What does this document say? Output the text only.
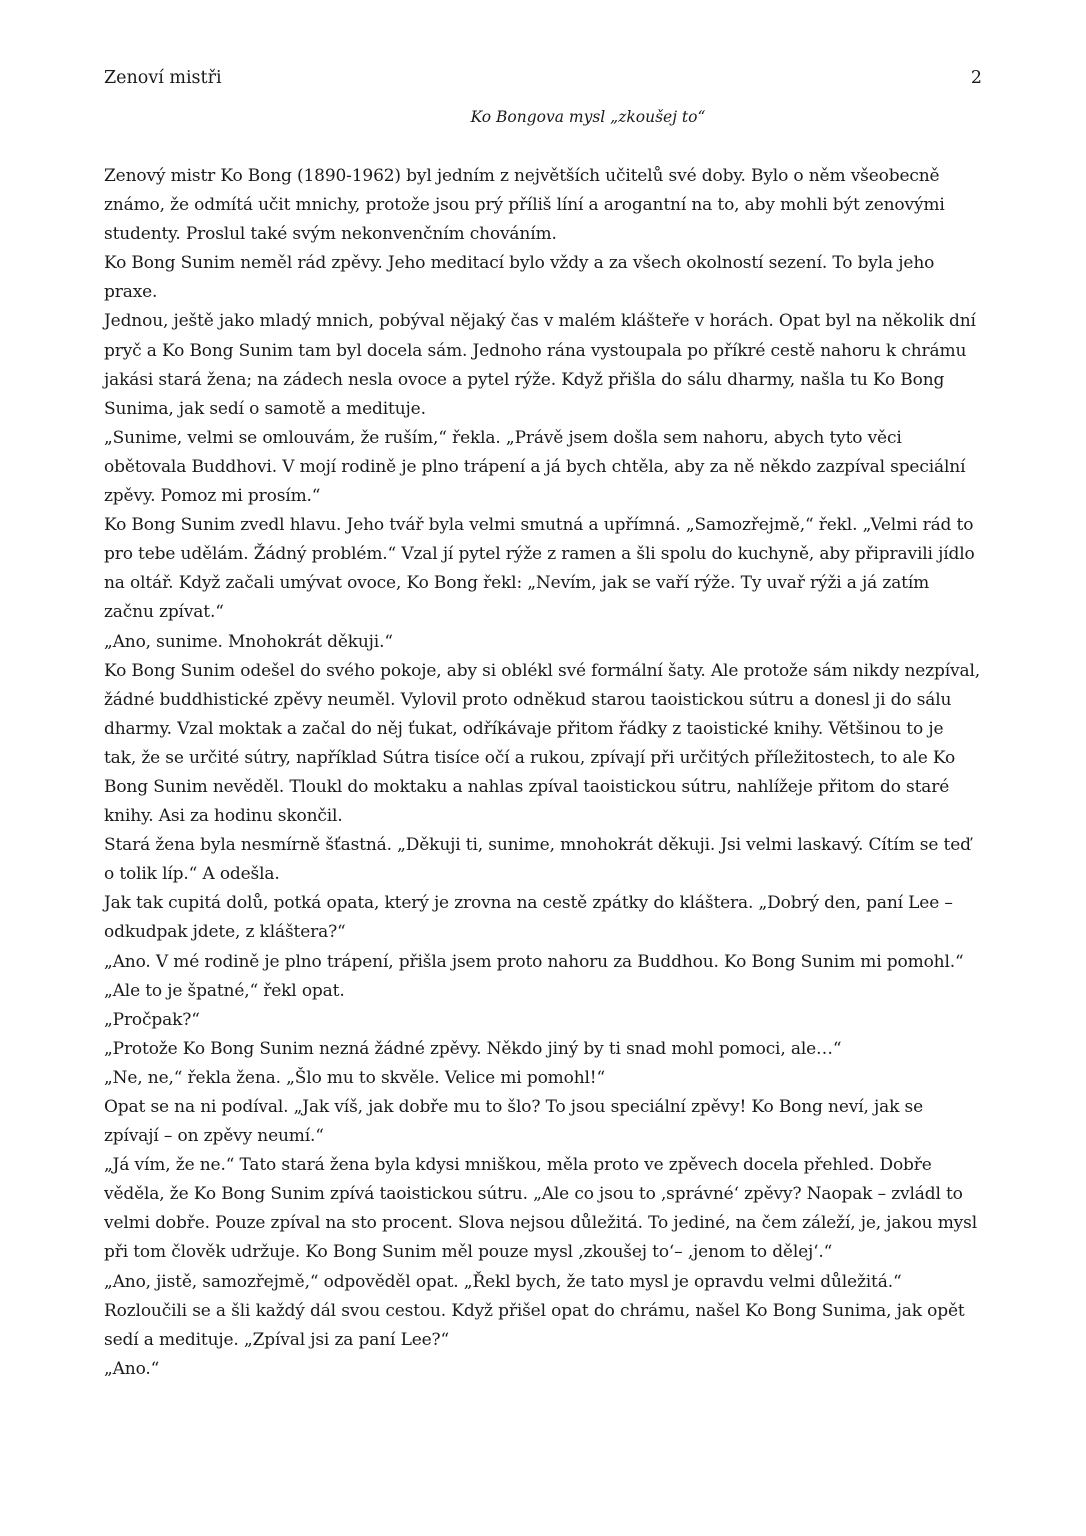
Zenoví mistři	2
Ko Bongova mysl „zkoušej to“

Zenový mistr Ko Bong (1890-1962) byl jedním z největších učitelů své doby. Bylo o něm všeobecně známo, že odmítá učit mnichy, protože jsou prý příliš líní a arogantní na to, aby mohli být zenovými studenty. Proslul také svým nekonvenčním chováním.

Ko Bong Sunim neměl rád zpěvy. Jeho meditací bylo vždy a za všech okolností sezení. To byla jeho praxe.

Jednou, ještě jako mladý mnich, pobýval nějaký čas v malém klášteře v horách. Opat byl na několik dní pryč a Ko Bong Sunim tam byl docela sám. Jednoho rána vystoupala po příkré cestě nahoru k chrámu jakási stará žena; na zádech nesla ovoce a pytel rýže. Když přišla do sálu dharmy, našla tu Ko Bong Sunima, jak sedí o samotě a medituje.

„Sunime, velmi se omlouvám, že ruším,“ řekla. „Právě jsem došla sem nahoru, abych tyto věci obětovala Buddhovi. V mojí rodině je plno trápení a já bych chtěla, aby za ně někdo zazpíval speciální zpěvy. Pomoz mi prosím.“

Ko Bong Sunim zvedl hlavu. Jeho tvář byla velmi smutná a upřímná. „Samozřejmě,“ řekl. „Velmi rád to pro tebe udělám. Žádný problém.“ Vzal jí pytel rýže z ramen a šli spolu do kuchyně, aby připravili jídlo na oltář. Když začali umývat ovoce, Ko Bong řekl: „Nevím, jak se vaří rýže. Ty uvař rýži a já zatím začnu zpívat.“

„Ano, sunime. Mnohokrát děkuji.“

Ko Bong Sunim odešel do svého pokoje, aby si oblékl své formální šaty. Ale protože sám nikdy nezpíval, žádné buddhistické zpěvy neuměl. Vylovil proto odněkud starou taoistickou sútru a donesl ji do sálu dharmy. Vzal moktak a začal do něj ťukat, odříkávaje přitom řádky z taoistické knihy. Většinou to je tak, že se určité sútry, například Sútra tisíce očí a rukou, zpívají při určitých příležitostech, to ale Ko Bong Sunim nevěděl. Tloukl do moktaku a nahlas zpíval taoistickou sútru, nahlížeje přitom do staré knihy. Asi za hodinu skončil.

Stará žena byla nesmírně šťastná. „Děkuji ti, sunime, mnohokrát děkuji. Jsi velmi laskavý. Cítím se teď o tolik líp.“ A odešla.

Jak tak cupitá dolů, potká opata, který je zrovna na cestě zpátky do kláštera. „Dobrý den, paní Lee – odkudpak jdete, z kláštera?“

„Ano. V mé rodině je plno trápení, přišla jsem proto nahoru za Buddhou. Ko Bong Sunim mi pomohl.“

„Ale to je špatné,“ řekl opat.

„Pročpak?“

„Protože Ko Bong Sunim nezná žádné zpěvy. Někdo jiný by ti snad mohl pomoci, ale…“

„Ne, ne,“ řekla žena. „Šlo mu to skvěle. Velice mi pomohl!“

Opat se na ni podíval. „Jak víš, jak dobře mu to šlo? To jsou speciální zpěvy! Ko Bong neví, jak se zpívají – on zpěvy neumí.“

„Já vím, že ne.“ Tato stará žena byla kdysi mniškou, měla proto ve zpěvech docela přehled. Dobře věděla, že Ko Bong Sunim zpívá taoistickou sútru. „Ale co jsou to ‚správné‘ zpěvy? Naopak – zvládl to velmi dobře. Pouze zpíval na sto procent. Slova nejsou důležitá. To jediné, na čem záleží, je, jakou mysl při tom člověk udržuje. Ko Bong Sunim měl pouze mysl ‚zkoušej to‘– ‚jenom to dělej‘.“

„Ano, jistě, samozřejmě,“ odpověděl opat. „Řekl bych, že tato mysl je opravdu velmi důležitá.“ Rozloučili se a šli každý dál svou cestou. Když přišel opat do chrámu, našel Ko Bong Sunima, jak opět sedí a medituje. „Zpíval jsi za paní Lee?“

„Ano.“
